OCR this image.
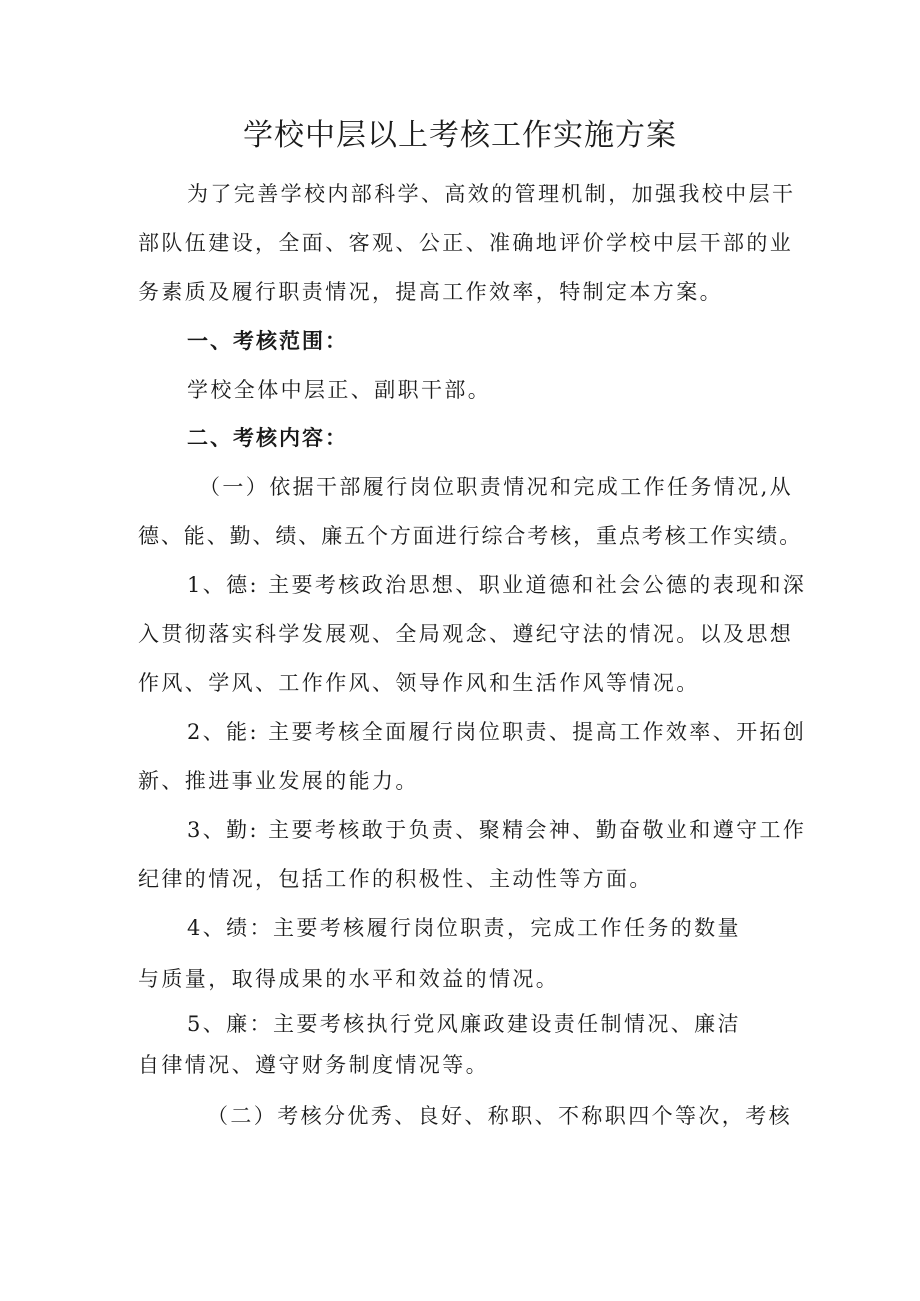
学校中层以上考核工作实施方案
为了完善学校内部科学、高效的管理机制，加强我校中层干
部队伍建设，全面、客观、公正、准确地评价学校中层干部的业
务素质及履行职责情况，提高工作效率，特制定本方案。
一、考核范围：
学校全体中层正、副职干部。
二、考核内容：
（一）依据干部履行岗位职责情况和完成工作任务情况,从
德、能、勤、绩、廉五个方面进行综合考核，重点考核工作实绩。
1、德: 主要考核政治思想、职业道德和社会公德的表现和深
入贯彻落实科学发展观、全局观念、遵纪守法的情况。以及思想
作风、学风、工作作风、领导作风和生活作风等情况。
2、能: 主要考核全面履行岗位职责、提高工作效率、开拓创
新、推进事业发展的能力。
3、勤: 主要考核敢于负责、聚精会神、勤奋敬业和遵守工作
纪律的情况，包括工作的积极性、主动性等方面。
4、绩：主要考核履行岗位职责，完成工作任务的数量
与质量，取得成果的水平和效益的情况。
5、廉：主要考核执行党风廉政建设责任制情况、廉洁
自律情况、遵守财务制度情况等。
（二）考核分优秀、良好、称职、不称职四个等次，考核
